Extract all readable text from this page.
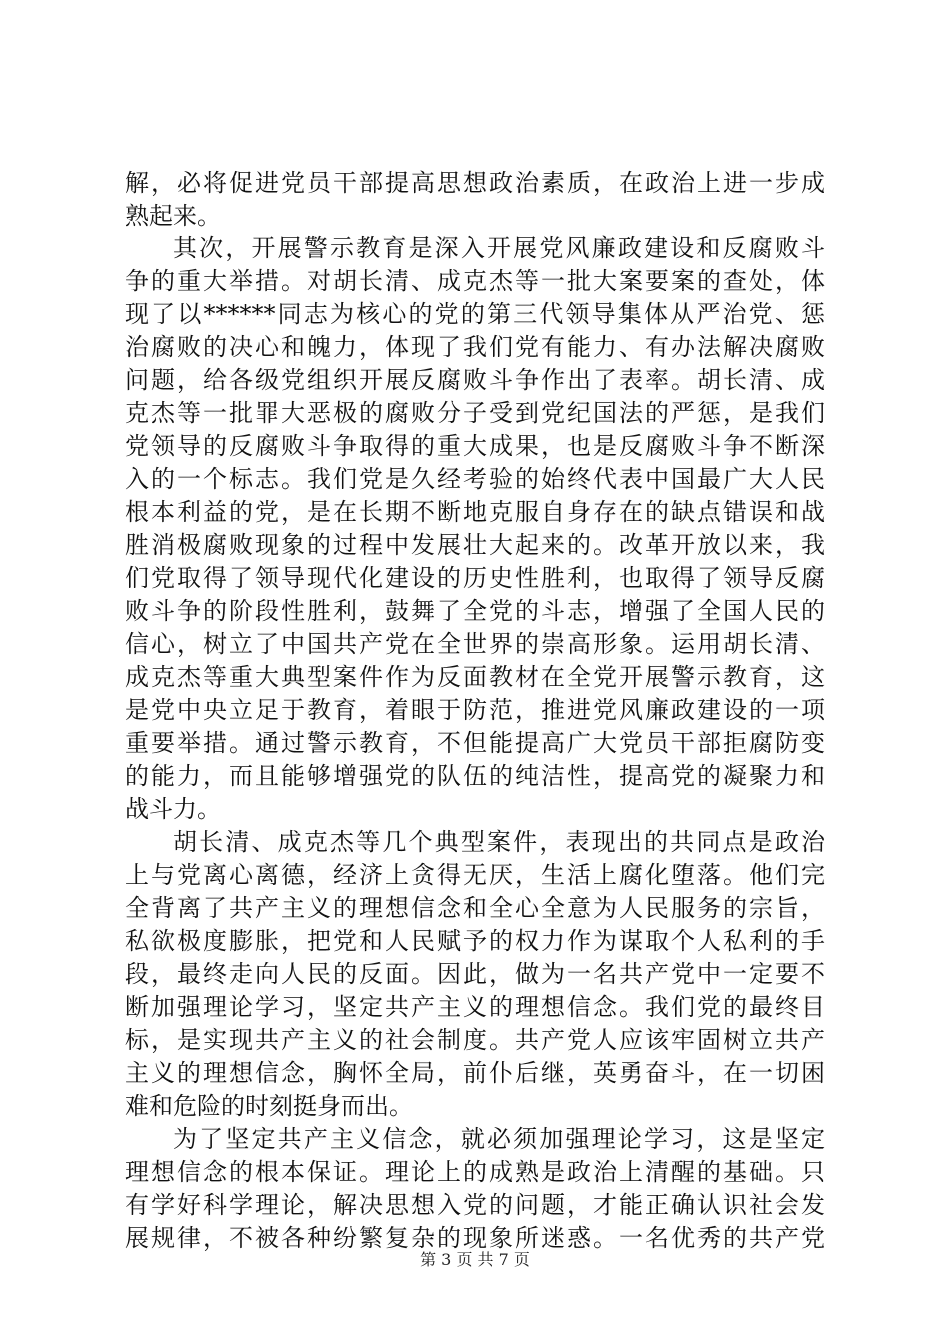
解，必将促进党员干部提高思想政治素质，在政治上进一步成
熟起来。
其次，开展警示教育是深入开展党风廉政建设和反腐败斗
争的重大举措。对胡长清、成克杰等一批大案要案的查处，体
现了以******同志为核心的党的第三代领导集体从严治党、惩
治腐败的决心和魄力，体现了我们党有能力、有办法解决腐败
问题，给各级党组织开展反腐败斗争作出了表率。胡长清、成
克杰等一批罪大恶极的腐败分子受到党纪国法的严惩，是我们
党领导的反腐败斗争取得的重大成果，也是反腐败斗争不断深
入的一个标志。我们党是久经考验的始终代表中国最广大人民
根本利益的党，是在长期不断地克服自身存在的缺点错误和战
胜消极腐败现象的过程中发展壮大起来的。改革开放以来，我
们党取得了领导现代化建设的历史性胜利，也取得了领导反腐
败斗争的阶段性胜利，鼓舞了全党的斗志，增强了全国人民的
信心，树立了中国共产党在全世界的崇高形象。运用胡长清、
成克杰等重大典型案件作为反面教材在全党开展警示教育，这
是党中央立足于教育，着眼于防范，推进党风廉政建设的一项
重要举措。通过警示教育，不但能提高广大党员干部拒腐防变
的能力，而且能够增强党的队伍的纯洁性，提高党的凝聚力和
战斗力。
胡长清、成克杰等几个典型案件，表现出的共同点是政治
上与党离心离德，经济上贪得无厌，生活上腐化堕落。他们完
全背离了共产主义的理想信念和全心全意为人民服务的宗旨，
私欲极度膨胀，把党和人民赋予的权力作为谋取个人私利的手
段，最终走向人民的反面。因此，做为一名共产党中一定要不
断加强理论学习，坚定共产主义的理想信念。我们党的最终目
标，是实现共产主义的社会制度。共产党人应该牢固树立共产
主义的理想信念，胸怀全局，前仆后继，英勇奋斗，在一切困
难和危险的时刻挺身而出。
为了坚定共产主义信念，就必须加强理论学习，这是坚定
理想信念的根本保证。理论上的成熟是政治上清醒的基础。只
有学好科学理论，解决思想入党的问题，才能正确认识社会发
展规律，不被各种纷繁复杂的现象所迷惑。一名优秀的共产党
第 3 页 共 7 页
